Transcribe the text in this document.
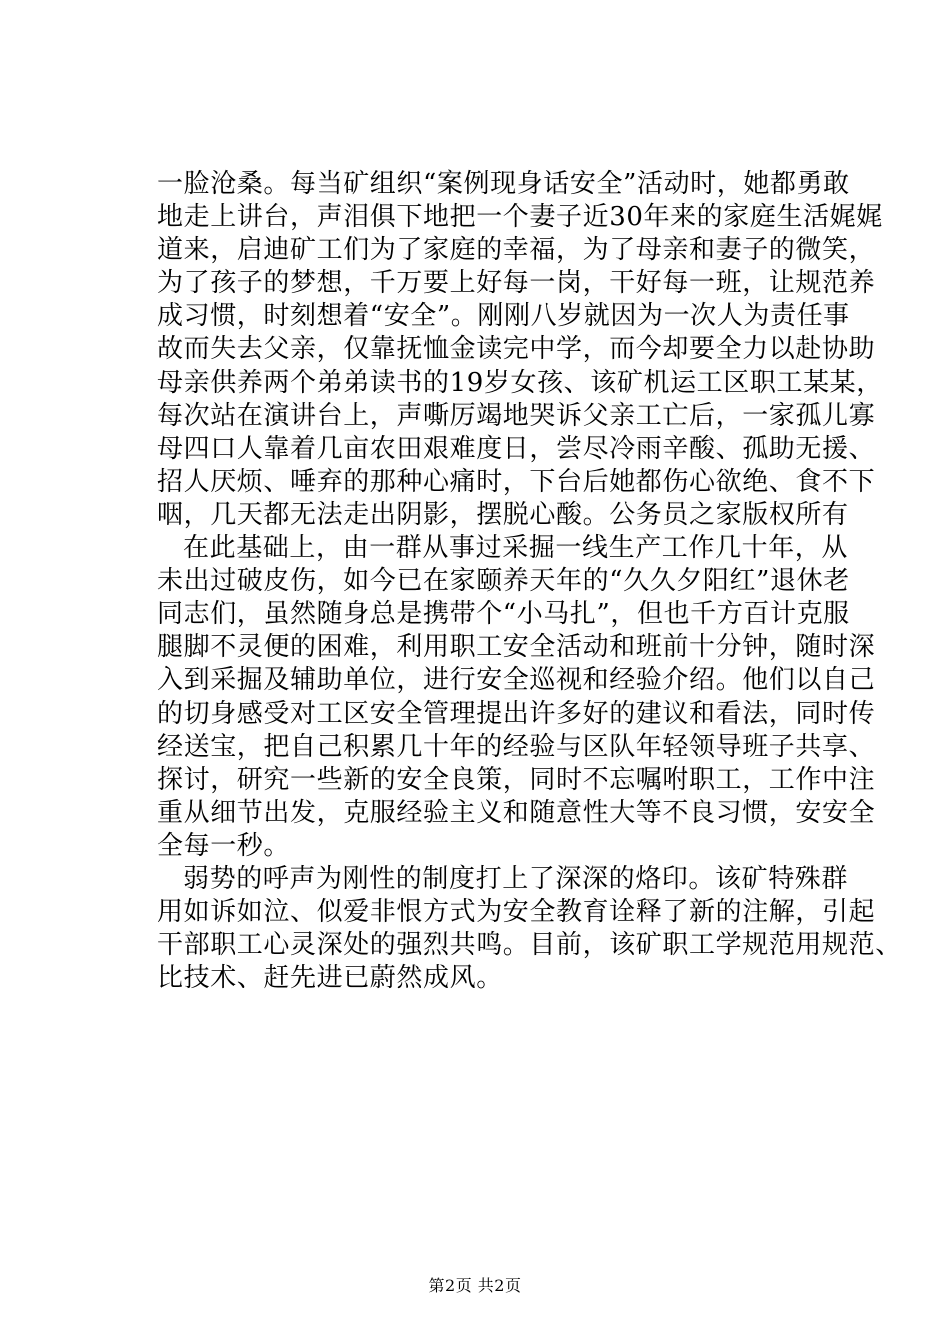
一脸沧桑。每当矿组织“案例现身话安全”活动时，她都勇敢
地走上讲台，声泪俱下地把一个妻子近30年来的家庭生活娓娓
道来，启迪矿工们为了家庭的幸福，为了母亲和妻子的微笑，
为了孩子的梦想，千万要上好每一岗，干好每一班，让规范养
成习惯，时刻想着“安全”。刚刚八岁就因为一次人为责任事
故而失去父亲，仅靠抚恤金读完中学，而今却要全力以赴协助
母亲供养两个弟弟读书的19岁女孩、该矿机运工区职工某某，
每次站在演讲台上，声嘶厉竭地哭诉父亲工亡后，一家孤儿寡
母四口人靠着几亩农田艰难度日，尝尽冷雨辛酸、孤助无援、
招人厌烦、唾弃的那种心痛时，下台后她都伤心欲绝、食不下
咽，几天都无法走出阴影，摆脱心酸。公务员之家版权所有
在此基础上，由一群从事过采掘一线生产工作几十年，从
未出过破皮伤，如今已在家颐养天年的“久久夕阳红”退休老
同志们，虽然随身总是携带个“小马扎”，但也千方百计克服
腿脚不灵便的困难，利用职工安全活动和班前十分钟，随时深
入到采掘及辅助单位，进行安全巡视和经验介绍。他们以自己
的切身感受对工区安全管理提出许多好的建议和看法，同时传
经送宝，把自己积累几十年的经验与区队年轻领导班子共享、
探讨，研究一些新的安全良策，同时不忘嘱咐职工，工作中注
重从细节出发，克服经验主义和随意性大等不良习惯，安安全
全每一秒。
弱势的呼声为刚性的制度打上了深深的烙印。该矿特殊群
用如诉如泣、似爱非恨方式为安全教育诠释了新的注解，引起
干部职工心灵深处的强烈共鸣。目前，该矿职工学规范用规范、
比技术、赶先进已蔚然成风。
第2页 共2页
